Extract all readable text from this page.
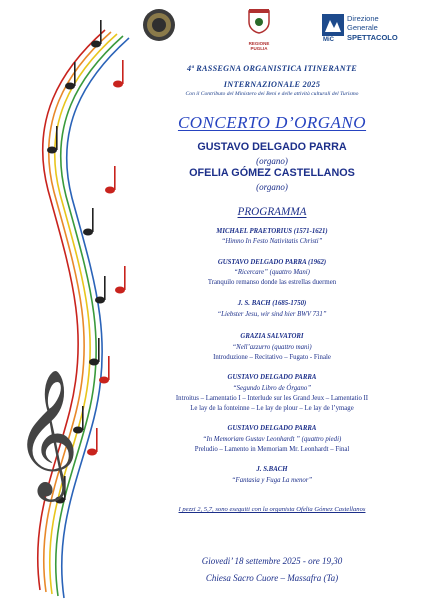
𝄞
REGIONE PUGLIA
MiC
Direzione
Generale
SPETTACOLO
4ª RASSEGNA ORGANISTICA ITINERANTE
INTERNAZIONALE 2025
Con il Contributo del Ministero dei Beni e delle attività culturali del Turismo
CONCERTO D’ORGANO
GUSTAVO DELGADO PARRA
(organo)
OFELIA GÓMEZ CASTELLANOS
(organo)
PROGRAMMA
MICHAEL PRAETORIUS (1571-1621)
“Himno In Festo Nativitatis Christi”
GUSTAVO DELGADO PARRA (1962)
“Ricercare” (quattro Mani)
Tranquilo remanso donde las estrellas duermen
J. S. BACH (1685-1750)
“Liebster Jesu, wir sind hier BWV 731”
GRAZIA SALVATORI
“Nell’azzurro (quattro mani)
Introduzione – Recitativo – Fugato - Finale
GUSTAVO DELGADO PARRA
“Segundo Libro de Órgano”
Introitus – Lamentatio I – Interlude sur les Grand Jeux – Lamentatio II
Le lay de la fonteinne – Le lay de plour – Le lay de l’ymage
GUSTAVO DELGADO PARRA
“In Memoriam Gustav Leonhardt ” (quattro piedi)
Preludio – Lamento in Memoriam Mr. Leonhardt – Final
J. S.BACH
“Fantasia y Fuga La menor”
I pezzi 2, 5,7, sono eseguiti con la organista Ofelia Gómez Castellanos
Giovedi’ 18 settembre 2025 - ore 19,30
Chiesa Sacro Cuore – Massafra (Ta)
